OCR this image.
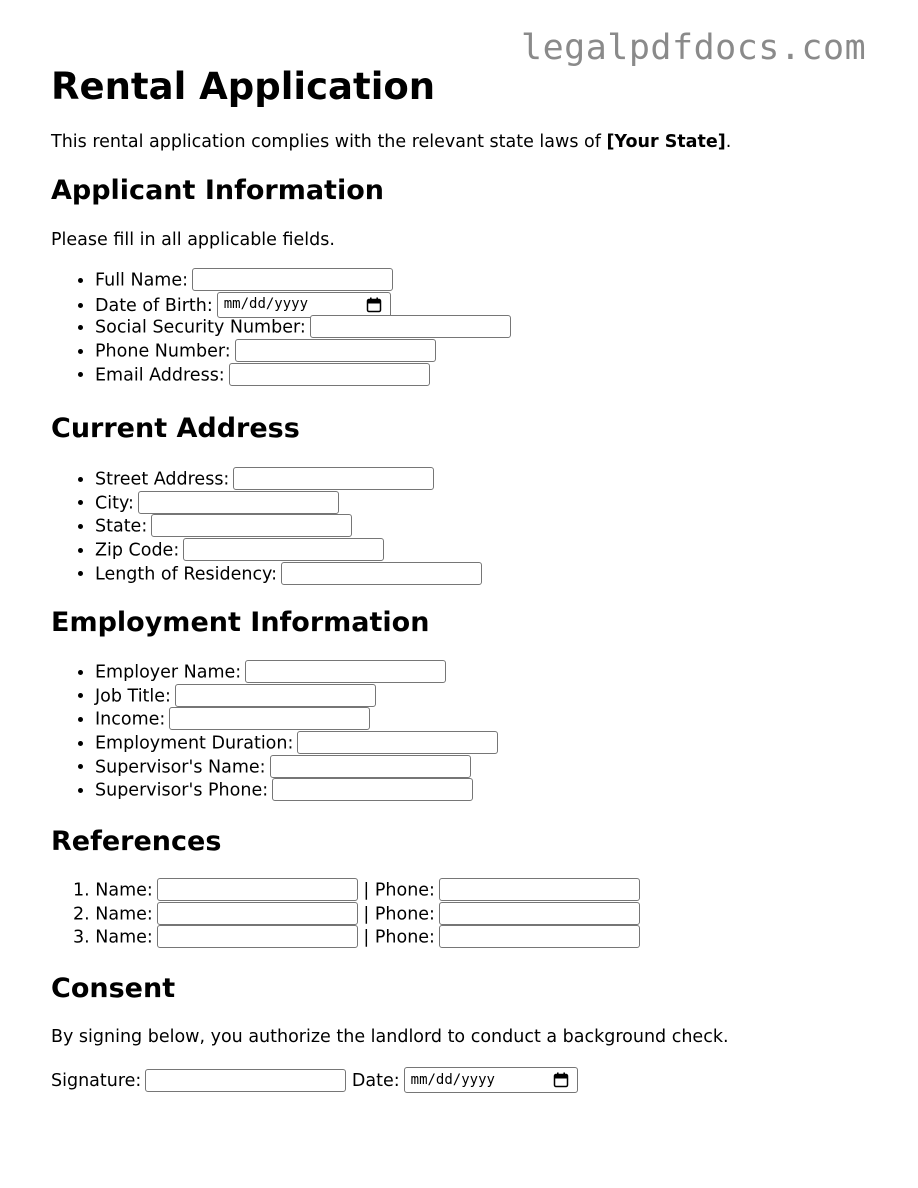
legalpdfdocs.com
Rental Application

This rental application complies with the relevant state laws of [Your State].

Applicant Information

Please fill in all applicable fields.

• Full Name:
• Date of Birth: mm/dd/yyyy
• Social Security Number:
• Phone Number:
• Email Address:
Current Address
• Street Address:
• City:
• State:
• Zip Code:
• Length of Residency:
Employment Information
• Employer Name:
• Job Title:
• Income:
• Employment Duration:
• Supervisor's Name:
• Supervisor's Phone:
References
1. Name:	| Phone:
2. Name:	| Phone:
3. Name:	| Phone:
Consent

By signing below, you authorize the landlord to conduct a background check.

Signature:	Date: mm/dd/yyyy
